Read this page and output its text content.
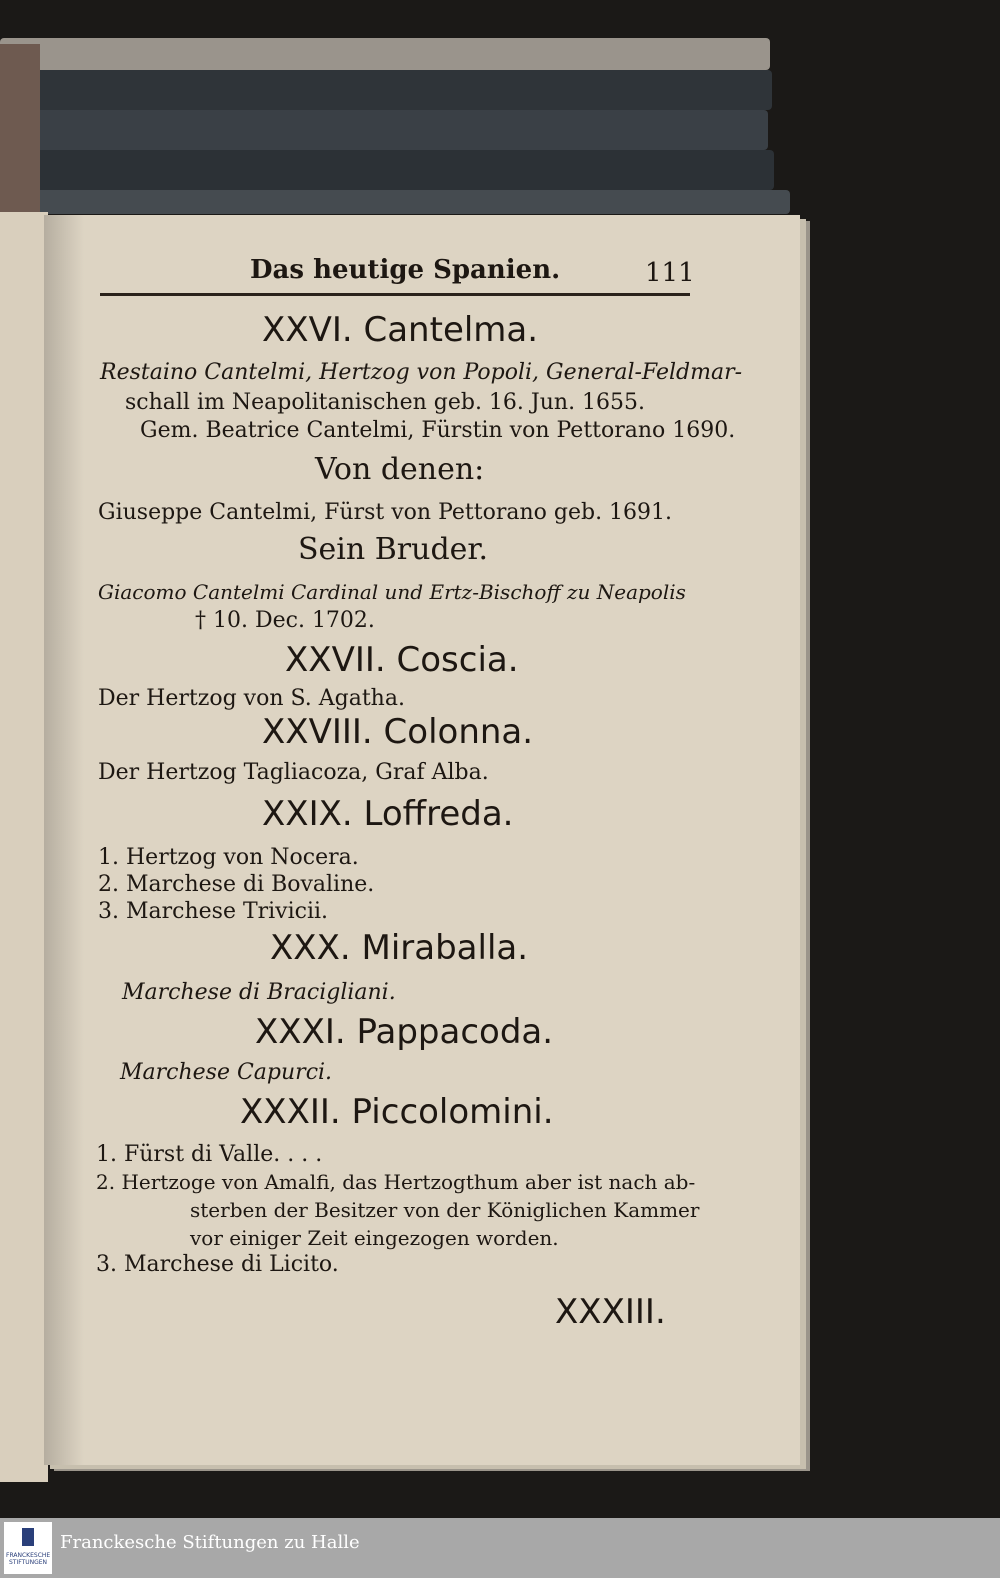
Das heutige Spanien.	111
XXVI. Cantelma.
Restaino Cantelmi, Hertzog von Popoli, General-Feldmar-
schall im Neapolitanischen geb. 16. Jun. 1655.
Gem. Beatrice Cantelmi, Fürstin von Pettorano 1690.
Von denen:
Giuseppe Cantelmi, Fürst von Pettorano geb. 1691.
Sein Bruder.
Giacomo Cantelmi Cardinal und Ertz-Bischoff zu Neapolis
† 10. Dec. 1702.
XXVII. Coscia.
Der Hertzog von S. Agatha.
XXVIII. Colonna.
Der Hertzog Tagliacoza, Graf Alba.
XXIX. Loffreda.
1. Hertzog von Nocera.
2. Marchese di Bovaline.
3. Marchese Trivicii.
XXX. Miraballa.
Marchese di Bracigliani.
XXXI. Pappacoda.
Marchese Capurci.
XXXII. Piccolomini.
1. Fürst di Valle. . . .
2. Hertzoge von Amalfi, das Hertzogthum aber ist nach ab-
sterben der Besitzer von der Königlichen Kammer
vor einiger Zeit eingezogen worden.
3. Marchese di Licito.
XXXIII.
FRANCKESCHE STIFTUNGEN
Franckesche Stiftungen zu Halle
